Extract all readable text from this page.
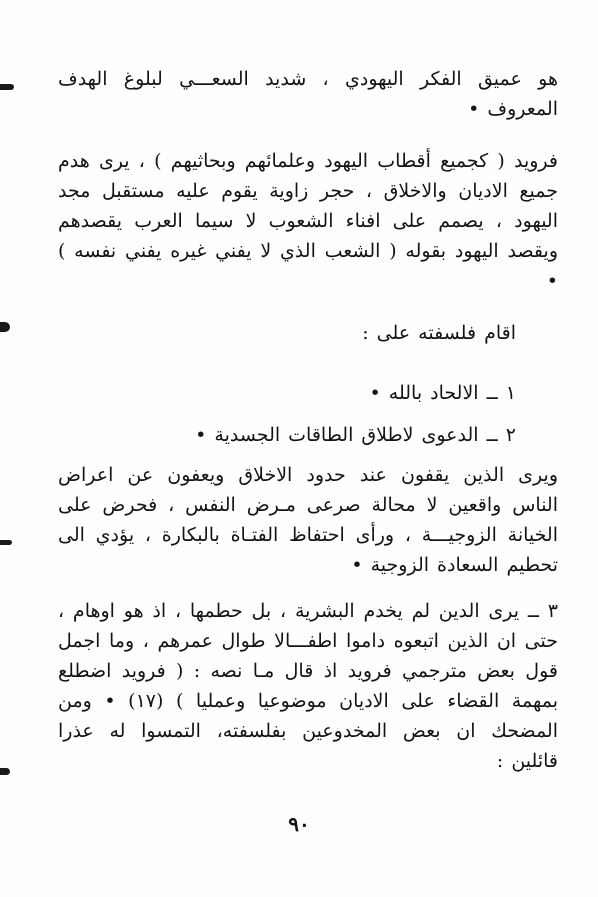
هو عميق الفكر اليهودي ، شديد السعـــي لبلوغ الهدف المعروف •

فرويد ( كجميع أقطاب اليهود وعلمائهم وبحاثيهم ) ، يرى هدم جميع الاديان والاخلاق ، حجر زاوية يقوم عليه مستقبل مجد اليهود ، يصمم على افناء الشعوب لا سيما العرب يقصدهم ويقصد اليهود بقوله ( الشعب الذي لا يفني غيره يفني نفسه ) •

اقام فلسفته على :

١ ــ الالحاد بالله •

٢ ــ الدعوى لاطلاق الطاقات الجسدية •

ويرى الذين يقفون عند حدود الاخلاق ويعفون عن اعراض الناس واقعين لا محالة صرعى مـرض النفس ، فحرض على الخيانة الزوجيـــة ، ورأى احتفاظ الفتـاة بالبكارة ، يؤدي الى تحطيم السعادة الزوجية •

٣ ــ يرى الدين لم يخدم البشرية ، بل حطمها ، اذ هو اوهام ، حتى ان الذين اتبعوه داموا اطفـــالا طوال عمرهم ، وما اجمل قول بعض مترجمي فرويد اذ قال مـا نصه : ( فرويد اضطلع بمهمة القضاء على الاديان موضوعيا وعمليا ) (١٧) • ومن المضحك ان بعض المخدوعين بفلسفته، التمسوا له عذرا قائلين :

٩٠
